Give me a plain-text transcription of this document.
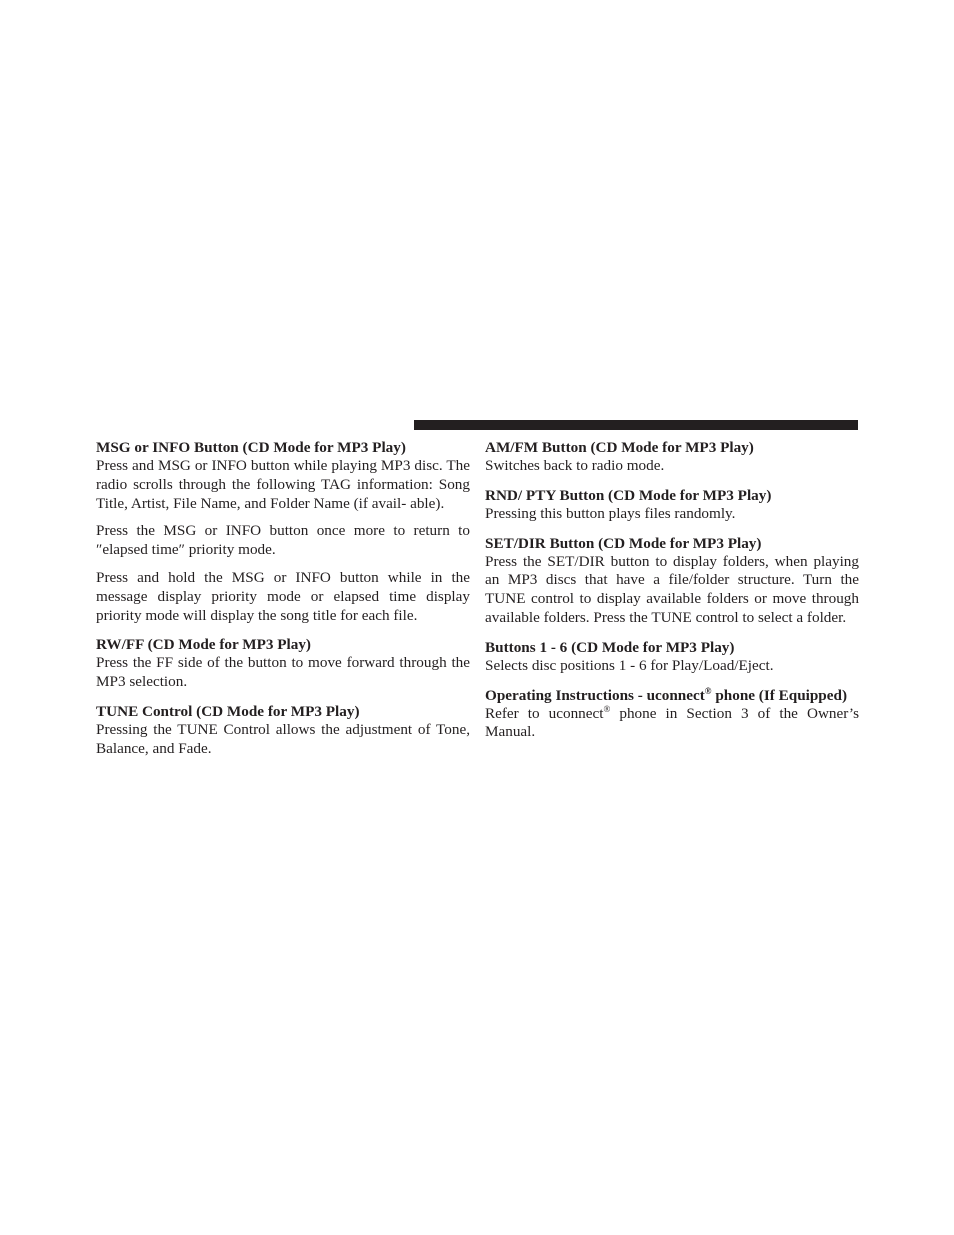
MSG or INFO Button (CD Mode for MP3 Play)

Press and MSG or INFO button while playing MP3 disc. The radio scrolls through the following TAG information: Song Title, Artist, File Name, and Folder Name (if avail- able).

Press the MSG or INFO button once more to return to ″elapsed time″ priority mode.

Press and hold the MSG or INFO button while in the message display priority mode or elapsed time display priority mode will display the song title for each file.

RW/FF (CD Mode for MP3 Play)

Press the FF side of the button to move forward through the MP3 selection.

TUNE Control (CD Mode for MP3 Play)

Pressing the TUNE Control allows the adjustment of Tone, Balance, and Fade.

AM/FM Button (CD Mode for MP3 Play)

Switches back to radio mode.

RND/ PTY Button (CD Mode for MP3 Play)

Pressing this button plays files randomly.

SET/DIR Button (CD Mode for MP3 Play)

Press the SET/DIR button to display folders, when playing an MP3 discs that have a file/folder structure. Turn the TUNE control to display available folders or move through available folders. Press the TUNE control to select a folder.

Buttons 1 - 6 (CD Mode for MP3 Play)

Selects disc positions 1 - 6 for Play/Load/Eject.

Operating Instructions - uconnect® phone (If Equipped)

Refer to uconnect® phone in Section 3 of the Owner’s Manual.
